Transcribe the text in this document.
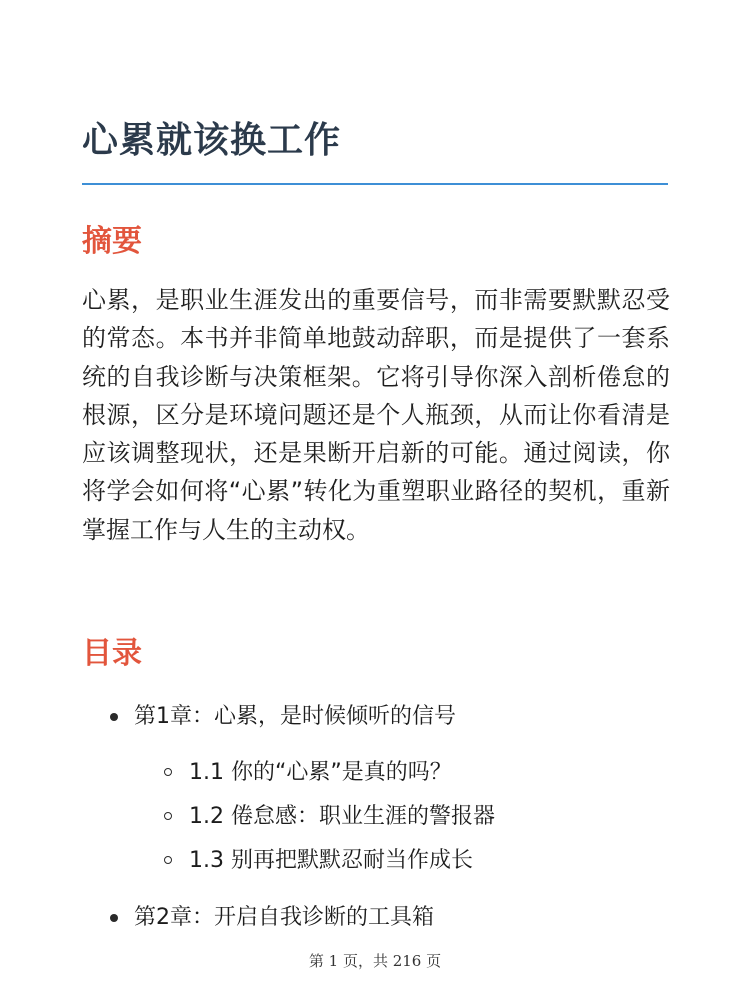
心累就该换工作
摘要

心累，是职业生涯发出的重要信号，而非需要默默忍受的常态。本书并非简单地鼓动辞职，而是提供了一套系统的自我诊断与决策框架。它将引导你深入剖析倦怠的根源，区分是环境问题还是个人瓶颈，从而让你看清是应该调整现状，还是果断开启新的可能。通过阅读，你将学会如何将“心累”转化为重塑职业路径的契机，重新掌握工作与人生的主动权。

目录
第1章：心累，是时候倾听的信号
1.1 你的“心累”是真的吗？
1.2 倦怠感：职业生涯的警报器
1.3 别再把默默忍耐当作成长
第2章：开启自我诊断的工具箱
第 1 页，共 216 页
